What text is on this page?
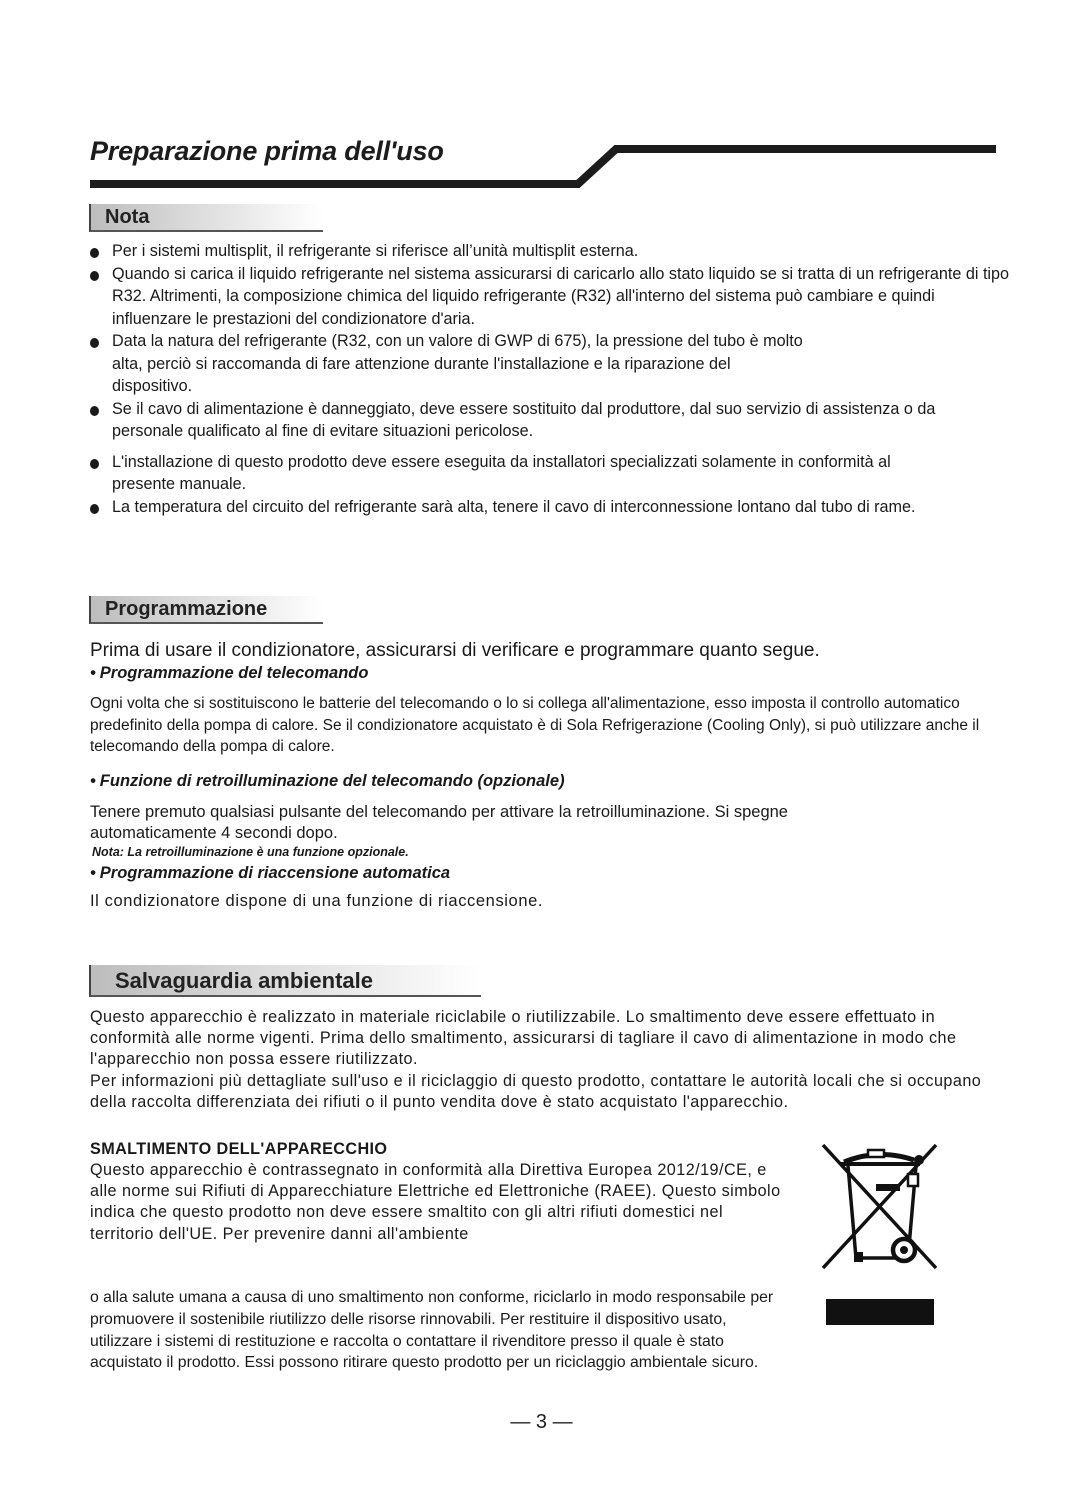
Preparazione prima dell'uso
Nota
Per i sistemi multisplit, il refrigerante si riferisce all’unità multisplit esterna.
Quando si carica il liquido refrigerante nel sistema assicurarsi di caricarlo allo stato liquido se si tratta di un refrigerante di tipo R32. Altrimenti, la composizione chimica del liquido refrigerante (R32) all'interno del sistema può cambiare e quindi influenzare le prestazioni del condizionatore d'aria.
Data la natura del refrigerante (R32, con un valore di GWP di 675), la pressione del tubo è molto alta, perciò si raccomanda di fare attenzione durante l'installazione e la riparazione del dispositivo.
Se il cavo di alimentazione è danneggiato, deve essere sostituito dal produttore, dal suo servizio di assistenza o da personale qualificato al fine di evitare situazioni pericolose.
L'installazione di questo prodotto deve essere eseguita da installatori specializzati solamente in conformità al presente manuale.
La temperatura del circuito del refrigerante sarà alta, tenere il cavo di interconnessione lontano dal tubo di rame.
Programmazione
Prima di usare il condizionatore, assicurarsi di verificare e programmare quanto segue.
• Programmazione del telecomando

Ogni volta che si sostituiscono le batterie del telecomando o lo si collega all'alimentazione, esso imposta il controllo automatico predefinito della pompa di calore. Se il condizionatore acquistato è di Sola Refrigerazione (Cooling Only), si può utilizzare anche il telecomando della pompa di calore.

• Funzione di retroilluminazione del telecomando (opzionale)

Tenere premuto qualsiasi pulsante del telecomando per attivare la retroilluminazione. Si spegne automaticamente 4 secondi dopo.

Nota: La retroilluminazione è una funzione opzionale.
• Programmazione di riaccensione automatica

Il condizionatore dispone di una funzione di riaccensione.

Salvaguardia ambientale

Questo apparecchio è realizzato in materiale riciclabile o riutilizzabile. Lo smaltimento deve essere effettuato in conformità alle norme vigenti. Prima dello smaltimento, assicurarsi di tagliare il cavo di alimentazione in modo che l'apparecchio non possa essere riutilizzato.

Per informazioni più dettagliate sull'uso e il riciclaggio di questo prodotto, contattare le autorità locali che si occupano della raccolta differenziata dei rifiuti o il punto vendita dove è stato acquistato l'apparecchio.

SMALTIMENTO DELL'APPARECCHIO

Questo apparecchio è contrassegnato in conformità alla Direttiva Europea 2012/19/CE, e alle norme sui Rifiuti di Apparecchiature Elettriche ed Elettroniche (RAEE). Questo simbolo indica che questo prodotto non deve essere smaltito con gli altri rifiuti domestici nel territorio dell'UE. Per prevenire danni all'ambiente

o alla salute umana a causa di uno smaltimento non conforme, riciclarlo in modo responsabile per promuovere il sostenibile riutilizzo delle risorse rinnovabili. Per restituire il dispositivo usato, utilizzare i sistemi di restituzione e raccolta o contattare il rivenditore presso il quale è stato acquistato il prodotto. Essi possono ritirare questo prodotto per un riciclaggio ambientale sicuro.

— 3 —
